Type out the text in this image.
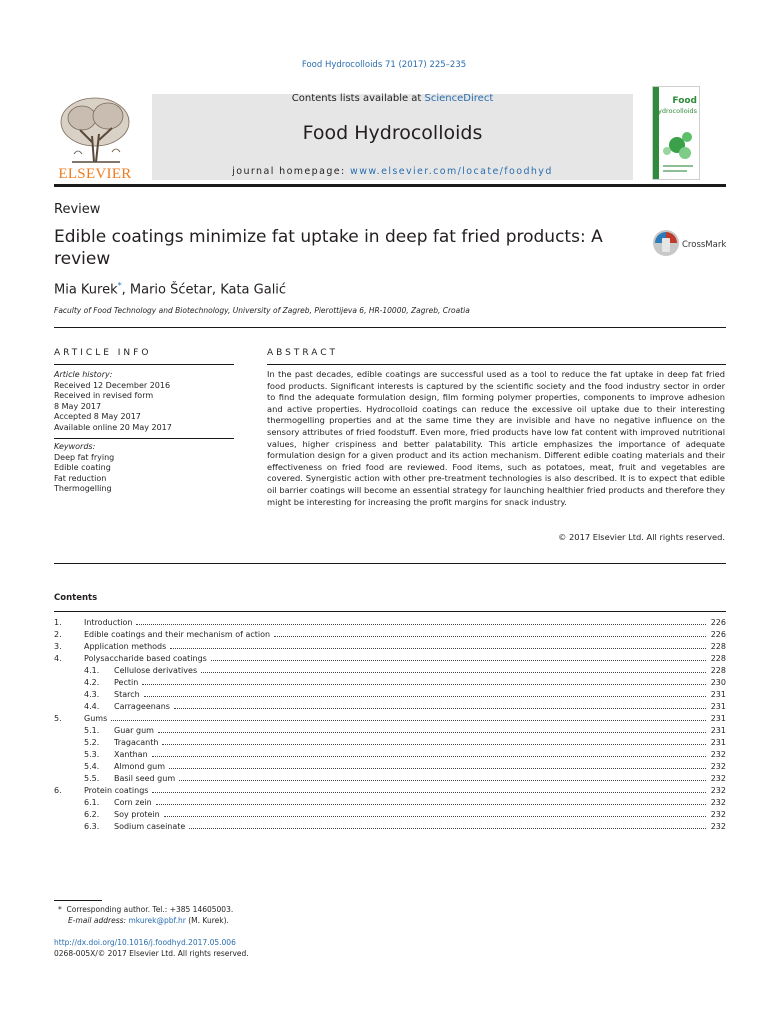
Food Hydrocolloids 71 (2017) 225–235
ELSEVIER
Contents lists available at ScienceDirect
Food Hydrocolloids
journal homepage: www.elsevier.com/locate/foodhyd
Food
Hydrocolloids
Review
Edible coatings minimize fat uptake in deep fat fried products: A review
CrossMark
Mia Kurek*, Mario Šćetar, Kata Galić
Faculty of Food Technology and Biotechnology, University of Zagreb, Pierottijeva 6, HR-10000, Zagreb, Croatia
ARTICLE INFO	ABSTRACT
Article history:
Received 12 December 2016
Received in revised form
8 May 2017
Accepted 8 May 2017
Available online 20 May 2017
Keywords:
Deep fat frying
Edible coating
Fat reduction
Thermogelling
In the past decades, edible coatings are successful used as a tool to reduce the fat uptake in deep fat fried food products. Significant interests is captured by the scientific society and the food industry sector in order to find the adequate formulation design, film forming polymer properties, components to improve adhesion and active properties. Hydrocolloid coatings can reduce the excessive oil uptake due to their interesting thermogelling properties and at the same time they are invisible and have no negative influence on the sensory attributes of fried foodstuff. Even more, fried products have low fat content with improved nutritional values, higher crispiness and better palatability. This article emphasizes the importance of adequate formulation design for a given product and its action mechanism. Different edible coating materials and their effectiveness on fried food are reviewed. Food items, such as potatoes, meat, fruit and vegetables are covered. Synergistic action with other pre-treatment technologies is also described. It is to expect that edible oil barrier coatings will become an essential strategy for launching healthier fried products and therefore they might be interesting for increasing the profit margins for snack industry.
© 2017 Elsevier Ltd. All rights reserved.
Contents
1.	Introduction	226
2.	Edible coatings and their mechanism of action	226
3.	Application methods	228
4.	Polysaccharide based coatings	228
4.1.	Cellulose derivatives	228
4.2.	Pectin	230
4.3.	Starch	231
4.4.	Carrageenans	231
5.	Gums	231
5.1.	Guar gum	231
5.2.	Tragacanth	231
5.3.	Xanthan	232
5.4.	Almond gum	232
5.5.	Basil seed gum	232
6.	Protein coatings	232
6.1.	Corn zein	232
6.2.	Soy protein	232
6.3.	Sodium caseinate	232
* Corresponding author. Tel.: +385 14605003.
E-mail address: mkurek@pbf.hr (M. Kurek).
http://dx.doi.org/10.1016/j.foodhyd.2017.05.006
0268-005X/© 2017 Elsevier Ltd. All rights reserved.
